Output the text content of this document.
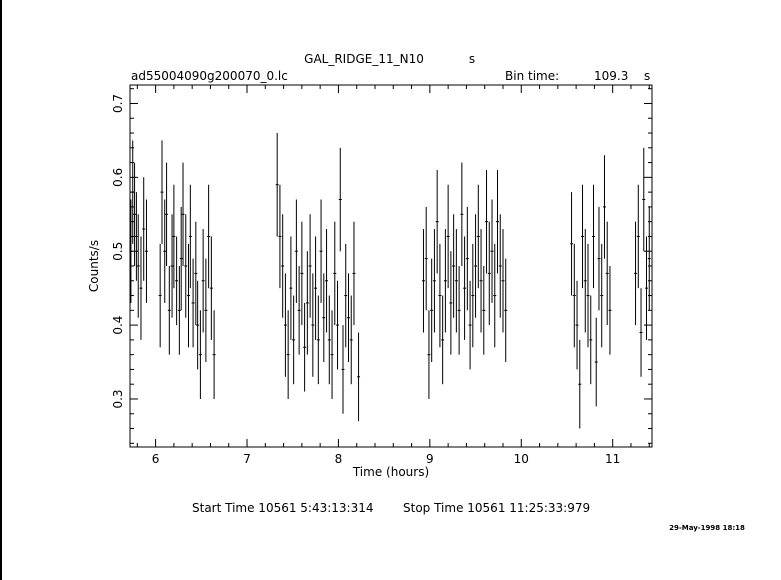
GAL_RIDGE_11_N10	s
ad55004090g200070_0.lc	Bin time:	109.3 s
6	7	8	9	10	11
0.3
0.4
0.5
0.6
0.7
Time (hours)
Counts/s
Start Time 10561 5:43:13:314 Stop Time 10561 11:25:33:979
29-May-1998 18:18
